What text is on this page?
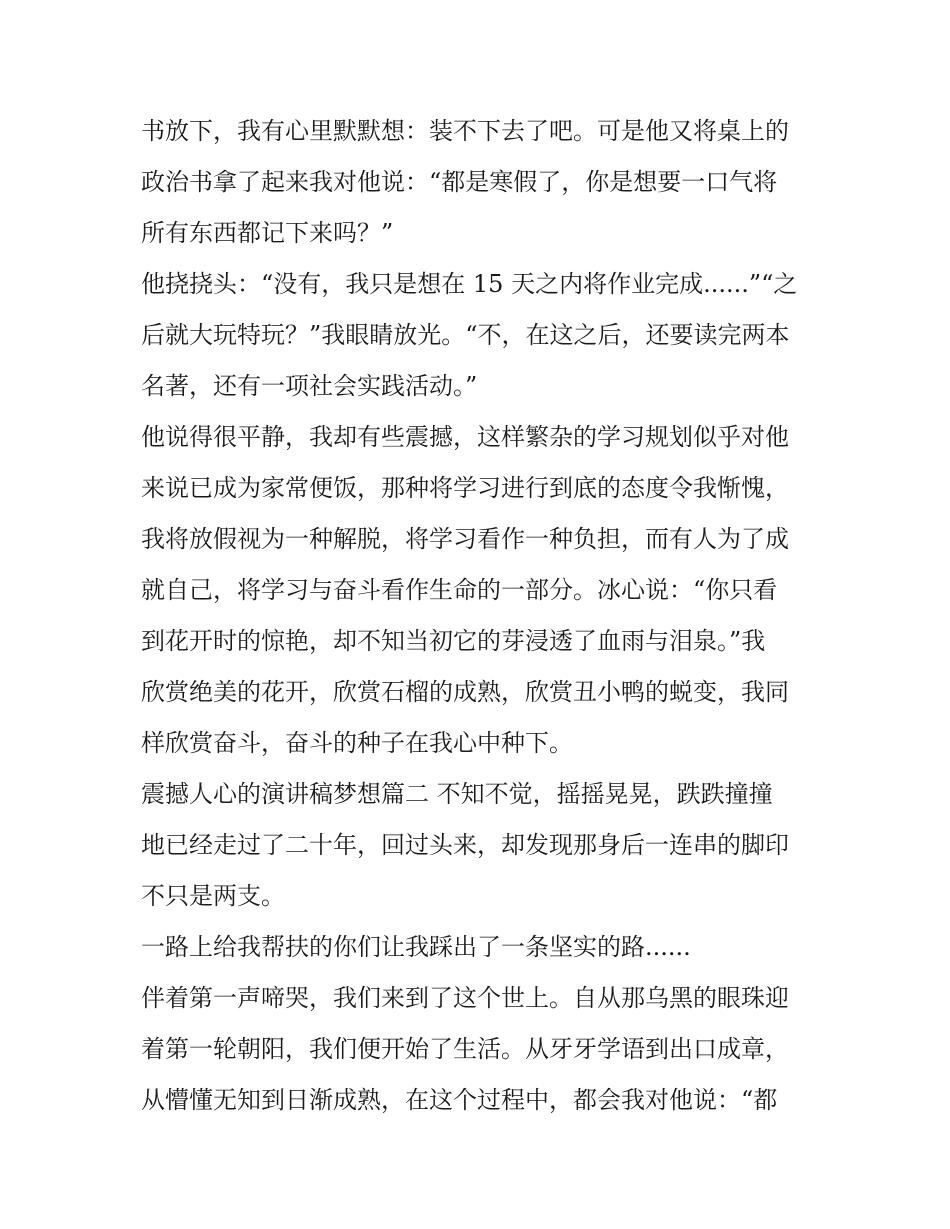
书放下，我有心里默默想：装不下去了吧。可是他又将桌上的
政治书拿了起来我对他说：“都是寒假了，你是想要一口气将
所有东西都记下来吗？”
他挠挠头：“没有，我只是想在 15 天之内将作业完成......”“之
后就大玩特玩？”我眼睛放光。“不，在这之后，还要读完两本
名著，还有一项社会实践活动。”
他说得很平静，我却有些震撼，这样繁杂的学习规划似乎对他
来说已成为家常便饭，那种将学习进行到底的态度令我惭愧，
我将放假视为一种解脱，将学习看作一种负担，而有人为了成
就自己，将学习与奋斗看作生命的一部分。冰心说：“你只看
到花开时的惊艳，却不知当初它的芽浸透了血雨与泪泉。”我
欣赏绝美的花开，欣赏石榴的成熟，欣赏丑小鸭的蜕变，我同
样欣赏奋斗，奋斗的种子在我心中种下。
震撼人心的演讲稿梦想篇二 不知不觉，摇摇晃晃，跌跌撞撞
地已经走过了二十年，回过头来，却发现那身后一连串的脚印
不只是两支。
一路上给我帮扶的你们让我踩出了一条坚实的路......
伴着第一声啼哭，我们来到了这个世上。自从那乌黑的眼珠迎
着第一轮朝阳，我们便开始了生活。从牙牙学语到出口成章，
从懵懂无知到日渐成熟，在这个过程中，都会我对他说：“都
